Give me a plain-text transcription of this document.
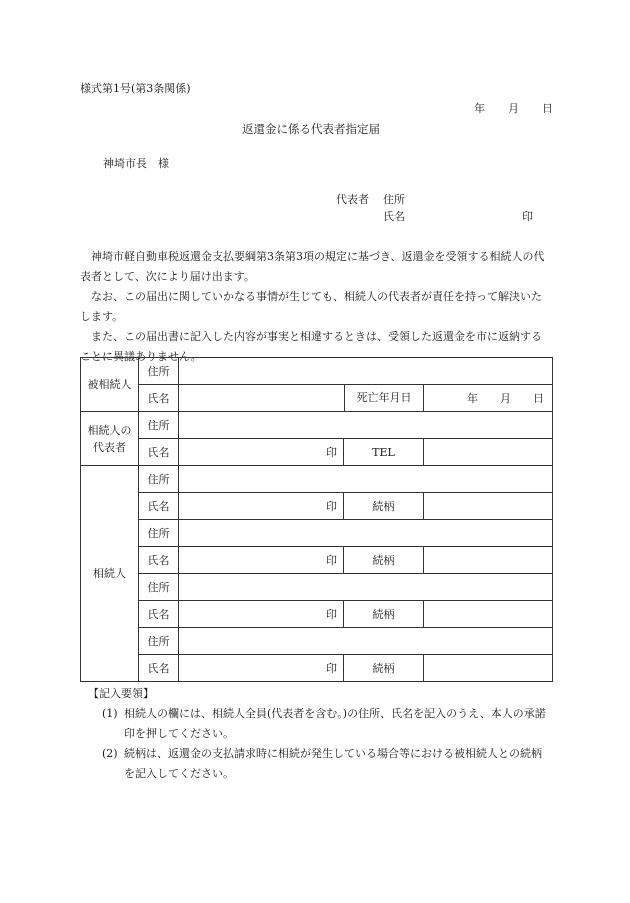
様式第1号(第3条関係)
年　月　日
返還金に係る代表者指定届
神埼市長　様
代表者 住所
氏名	印

神埼市軽自動車税返還金支払要綱第3条第3項の規定に基づき、返還金を受領する相続人の代表者として、次により届け出ます。

なお、この届出に関していかなる事情が生じても、相続人の代表者が責任を持って解決いたします。

また、この届出書に記入した内容が事実と相違するときは、受領した返還金を市に返納することに異議ありません。

被相続人	住所			
	氏名	死亡年月日		年　　月　　日
相続人の
代表者	住所			
	氏名	印	TEL	
相続人	住所			
	氏名	印	続柄	
	住所			
	氏名	印	続柄	
	住所			
	氏名	印	続柄	
	住所			
	氏名	印	続柄	
【記入要領】
(1) 相続人の欄には、相続人全員(代表者を含む。)の住所、氏名を記入のうえ、本人の承諾印を押してください。
(2) 続柄は、返還金の支払請求時に相続が発生している場合等における被相続人との続柄を記入してください。
